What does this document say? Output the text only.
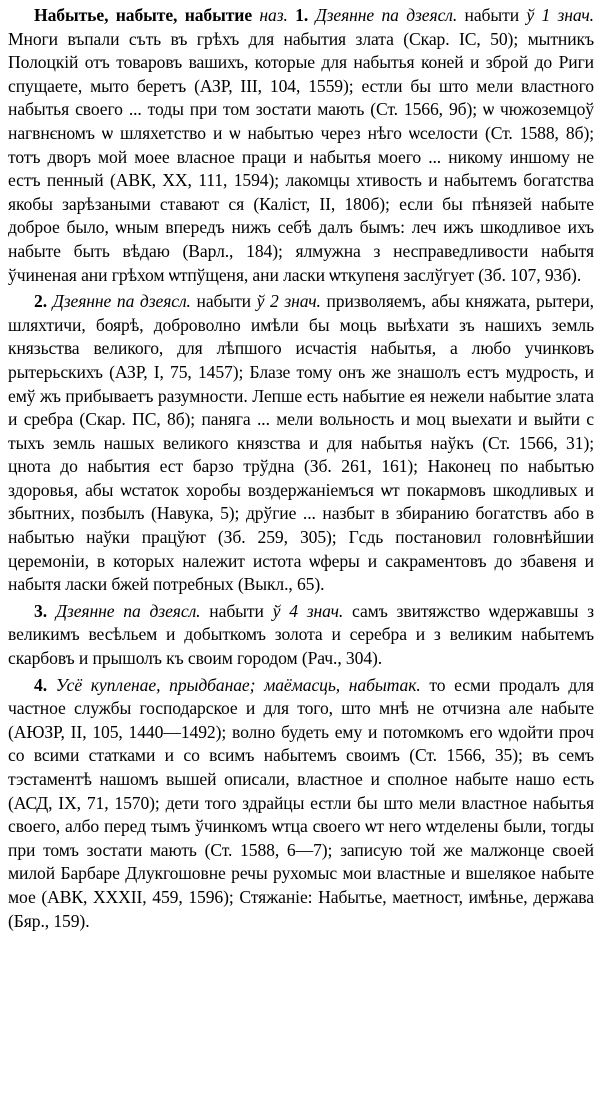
Набытье, набыте, набытие наз. 1. Дзеянне па дзеясл. набыти ў 1 знач. Многи въпали съть въ грѣхъ для набытия злата (Скар. ІС, 50); мытникъ Полоцкій отъ товаровъ вашихъ, которые для набытья коней и зброй до Риги спущаете, мыто беретъ (АЗР, ІІІ, 104, 1559); естли бы што мели властного набытья своего ... тоды при том зостати мають (Ст. 1566, 9б); ѡ чюжоземцоў нагвнєномъ ѡ шляхетство и ѡ набытью через нѣго ѡселости (Ст. 1588, 8б); тотъ дворъ мой моее власное праци и набытья моего ... никому иншому не естъ пенный (АВК, XX, 111, 1594); лакомцы хтивость и набытемъ богатства якобы зарѣзаными ставают ся (Каліст, ІІ, 180б); если бы пѣнязей набыте доброе было, ѡным впередъ нижъ себѣ далъ бымъ: леч ижъ шкодливое ихъ набыте быть вѣдаю (Варл., 184); ялмужна з несправедливости набытя ўчиненая ани грѣхом ѡтпўщеня, ани ласки ѡткупеня заслўгует (Зб. 107, 93б).

2. Дзеянне па дзеясл. набыти ў 2 знач. призволяемъ, абы княжата, рытери, шляхтичи, боярѣ, доброволно имѣли бы моць выѣхати зъ нашихъ земль князьства великого, для лѣпшого исчастія набытья, а любо учинковъ рытерьскихъ (АЗР, І, 75, 1457); Блазе тому онъ же знашолъ естъ мудрость, и емў жъ прибываетъ разумности. Лепше есть набытие ея нежели набытие злата и сребра (Скар. ПС, 8б); паняга ... мели вольность и моц выехати и выйти с тыхъ земль нашых великого князства и для набытья наўкъ (Ст. 1566, 31); цнота до набытия ест барзо трўдна (Зб. 261, 161); Наконец по набытью здоровья, абы ѡстаток хоробы воздержаніемъся ѡт покармовъ шкодливых и збытних, позбылъ (Навука, 5); дрўгие ... назбыт в збиранию богатствъ або в набытью наўки працўют (Зб. 259, 305); Гсдь постановил головнѣйшии церемоніи, в которых належит истота ѡферы и сакраментовъ до збавеня и набытя ласки бжей потребных (Выкл., 65).

3. Дзеянне па дзеясл. набыти ў 4 знач. самъ звитяжство ѡдержавшы з великимъ весѣльем и добыткомъ золота и серебра и з великим набытемъ скарбовъ и прышолъ къ своим городом (Рач., 304).

4. Усё купленае, прыдбанае; маёмасць, набытак. то есми продалъ для частное службы господарское и для того, што мнѣ не отчизна але набыте (АЮЗР, ІІ, 105, 1440—1492); волно будеть ему и потомкомъ его ѡдойти проч со всими статками и со всимъ набытемъ своимъ (Ст. 1566, 35); въ семъ тэстаментѣ нашомъ вышей описали, властное и сполное набыте нашо есть (АСД, IX, 71, 1570); дети того здрайцы естли бы што мели властное набытья своего, албо перед тымъ ўчинкомъ ѡтца своего ѡт него ѡтделены были, тогды при томъ зостати мають (Ст. 1588, 6—7); записую той же малжонце своей милой Барбаре Длукгошовне речы рухомыс мои властные и вшелякое набыте мое (АВК, XXXII, 459, 1596); Стяжаніе: Набытье, маетност, имѣнье, держава (Бяр., 159).
